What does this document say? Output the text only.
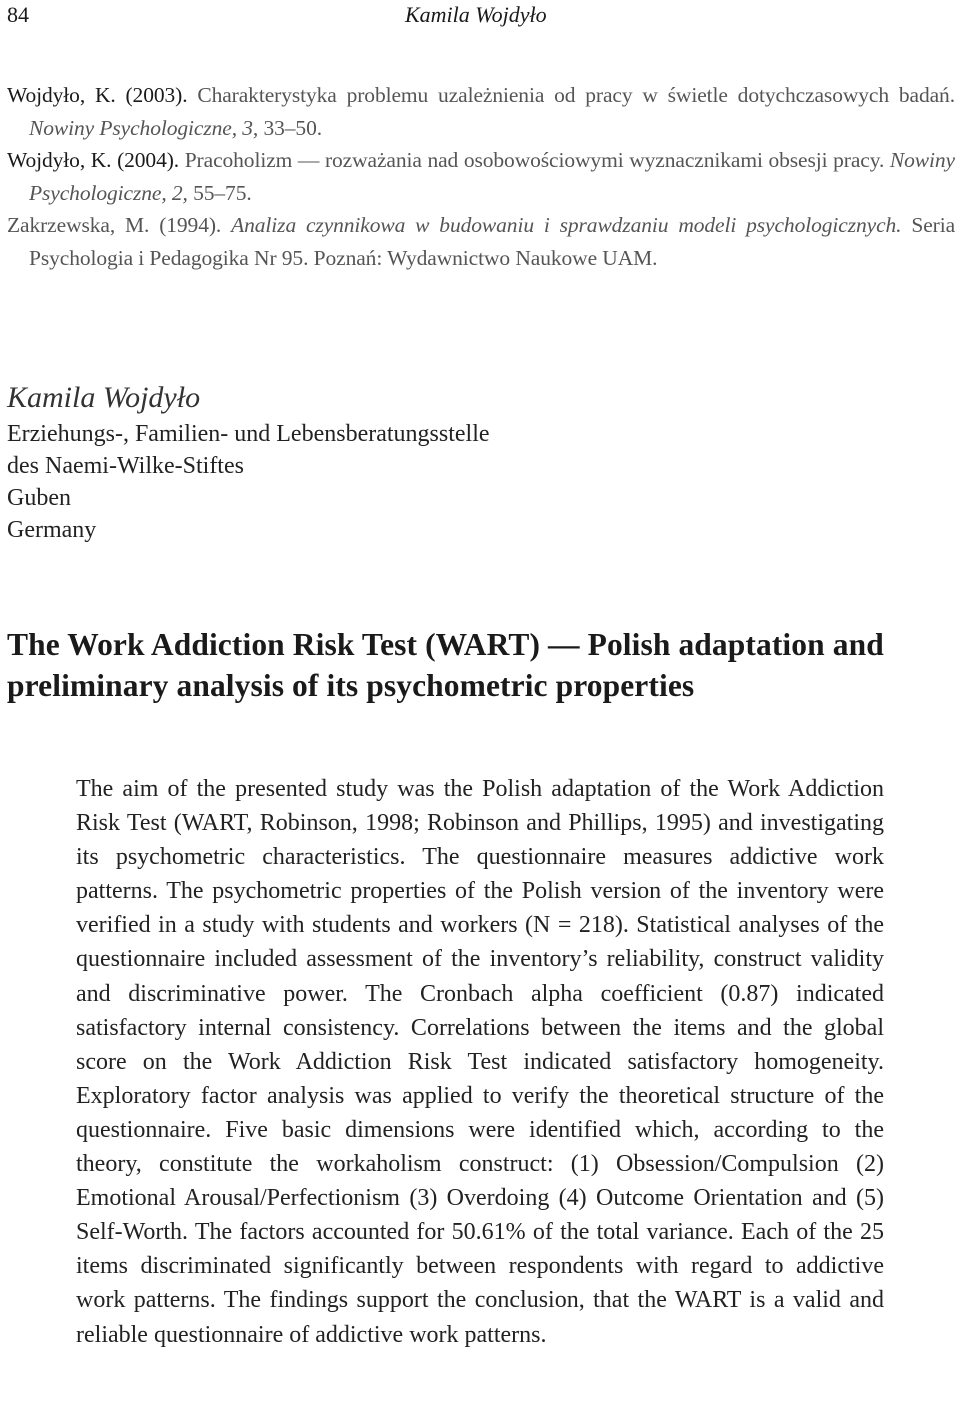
84	Kamila Wojdyło
Wojdyło, K. (2003). Charakterystyka problemu uzależnienia od pracy w świetle dotychczasowych badań. Nowiny Psychologiczne, 3, 33–50.
Wojdyło, K. (2004). Pracoholizm — rozważania nad osobowościowymi wyznacznikami obsesji pracy. Nowiny Psychologiczne, 2, 55–75.
Zakrzewska, M. (1994). Analiza czynnikowa w budowaniu i sprawdzaniu modeli psychologicznych. Seria Psychologia i Pedagogika Nr 95. Poznań: Wydawnictwo Naukowe UAM.
Kamila Wojdyło
Erziehungs-, Familien- und Lebensberatungsstelle
des Naemi-Wilke-Stiftes
Guben
Germany
The Work Addiction Risk Test (WART) — Polish adaptation and preliminary analysis of its psychometric properties

The aim of the presented study was the Polish adaptation of the Work Addiction Risk Test (WART, Robinson, 1998; Robinson and Phillips, 1995) and investigating its psychometric characteristics. The questionnaire measures addictive work patterns. The psychometric properties of the Polish version of the inventory were verified in a study with students and workers (N = 218). Statistical analyses of the questionnaire included assessment of the inventory’s reliability, construct validity and discriminative power. The Cronbach alpha coefficient (0.87) indicated satisfactory internal consistency. Correlations between the items and the global score on the Work Addiction Risk Test indicated satisfactory homogeneity. Exploratory factor analysis was applied to verify the theoretical structure of the questionnaire. Five basic dimensions were identified which, according to the theory, constitute the workaholism construct: (1) Obsession/Compulsion (2) Emotional Arousal/Perfectionism (3) Overdoing (4) Outcome Orientation and (5) Self-Worth. The factors accounted for 50.61% of the total variance. Each of the 25 items discriminated significantly between respondents with regard to addictive work patterns. The findings support the conclusion, that the WART is a valid and reliable questionnaire of addictive work patterns.
